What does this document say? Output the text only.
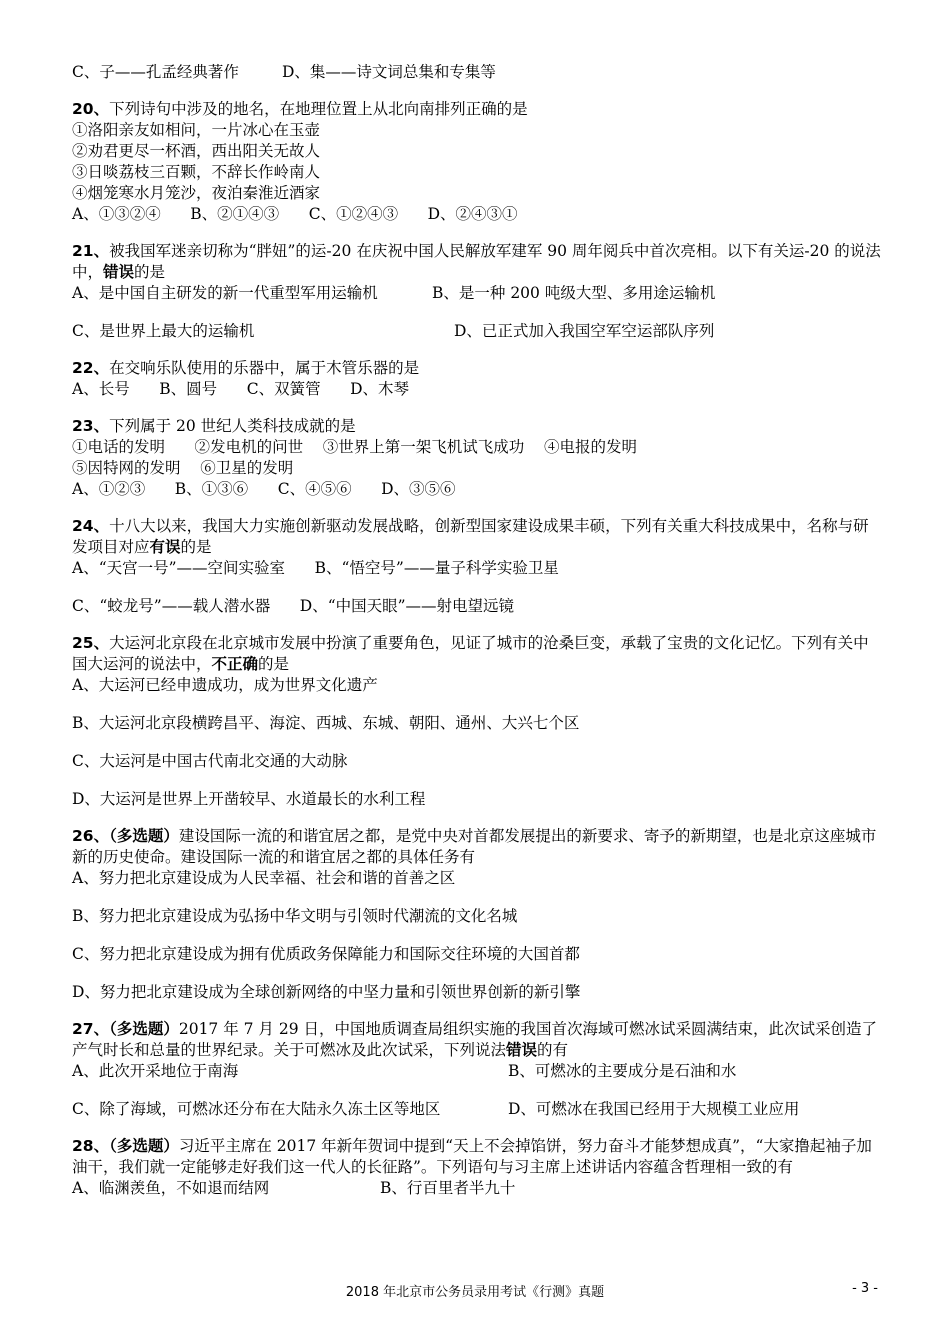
C、子——孔孟经典著作	D、集——诗文词总集和专集等
20、下列诗句中涉及的地名，在地理位置上从北向南排列正确的是
①洛阳亲友如相问，一片冰心在玉壶
②劝君更尽一杯酒，西出阳关无故人
③日啖荔枝三百颗，不辞长作岭南人
④烟笼寒水月笼沙，夜泊秦淮近酒家
A、①③②④      B、②①④③      C、①②④③      D、②④③①
21、被我国军迷亲切称为“胖妞”的运-20 在庆祝中国人民解放军建军 90 周年阅兵中首次亮相。以下有关运-20 的说法中，错误的是
A、是中国自主研发的新一代重型军用运输机	B、是一种 200 吨级大型、多用途运输机
C、是世界上最大的运输机	D、已正式加入我国空军空运部队序列
22、在交响乐队使用的乐器中，属于木管乐器的是
A、长号      B、圆号      C、双簧管      D、木琴
23、下列属于 20 世纪人类科技成就的是
①电话的发明      ②发电机的问世    ③世界上第一架飞机试飞成功    ④电报的发明
⑤因特网的发明    ⑥卫星的发明
A、①②③      B、①③⑥      C、④⑤⑥      D、③⑤⑥
24、十八大以来，我国大力实施创新驱动发展战略，创新型国家建设成果丰硕，下列有关重大科技成果中，名称与研发项目对应有误的是
A、“天宫一号”——空间实验室      B、“悟空号”——量子科学实验卫星
C、“蛟龙号”——载人潜水器      D、“中国天眼”——射电望远镜
25、大运河北京段在北京城市发展中扮演了重要角色，见证了城市的沧桑巨变，承载了宝贵的文化记忆。下列有关中国大运河的说法中，不正确的是
A、大运河已经申遗成功，成为世界文化遗产
B、大运河北京段横跨昌平、海淀、西城、东城、朝阳、通州、大兴七个区
C、大运河是中国古代南北交通的大动脉
D、大运河是世界上开凿较早、水道最长的水利工程
26、（多选题）建设国际一流的和谐宜居之都，是党中央对首都发展提出的新要求、寄予的新期望，也是北京这座城市新的历史使命。建设国际一流的和谐宜居之都的具体任务有
A、努力把北京建设成为人民幸福、社会和谐的首善之区
B、努力把北京建设成为弘扬中华文明与引领时代潮流的文化名城
C、努力把北京建设成为拥有优质政务保障能力和国际交往环境的大国首都
D、努力把北京建设成为全球创新网络的中坚力量和引领世界创新的新引擎
27、（多选题）2017 年 7 月 29 日，中国地质调查局组织实施的我国首次海域可燃冰试采圆满结束，此次试采创造了产气时长和总量的世界纪录。关于可燃冰及此次试采，下列说法错误的有
A、此次开采地位于南海	B、可燃冰的主要成分是石油和水
C、除了海域，可燃冰还分布在大陆永久冻土区等地区	D、可燃冰在我国已经用于大规模工业应用
28、（多选题）习近平主席在 2017 年新年贺词中提到“天上不会掉馅饼，努力奋斗才能梦想成真”，“大家撸起袖子加油干，我们就一定能够走好我们这一代人的长征路”。下列语句与习主席上述讲话内容蕴含哲理相一致的有
A、临渊羡鱼，不如退而结网	B、行百里者半九十
2018 年北京市公务员录用考试《行测》真题	- 3 -
